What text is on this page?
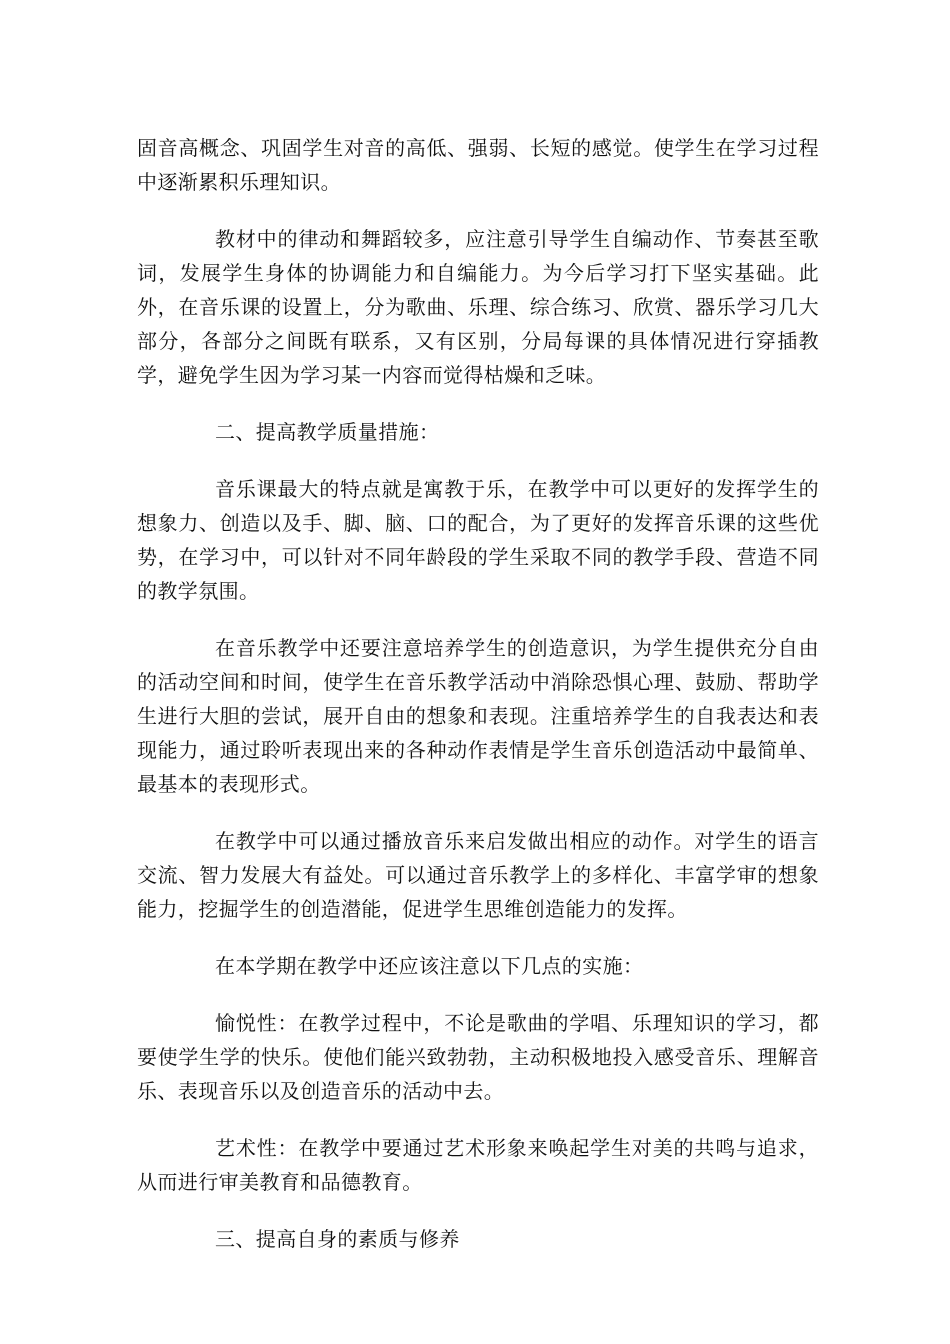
固音高概念、巩固学生对音的高低、强弱、长短的感觉。使学生在学习过程中逐渐累积乐理知识。

教材中的律动和舞蹈较多，应注意引导学生自编动作、节奏甚至歌词，发展学生身体的协调能力和自编能力。为今后学习打下坚实基础。此外，在音乐课的设置上，分为歌曲、乐理、综合练习、欣赏、器乐学习几大部分，各部分之间既有联系，又有区别，分局每课的具体情况进行穿插教学，避免学生因为学习某一内容而觉得枯燥和乏味。

二、提高教学质量措施：

音乐课最大的特点就是寓教于乐，在教学中可以更好的发挥学生的想象力、创造以及手、脚、脑、口的配合，为了更好的发挥音乐课的这些优势，在学习中，可以针对不同年龄段的学生采取不同的教学手段、营造不同的教学氛围。

在音乐教学中还要注意培养学生的创造意识，为学生提供充分自由的活动空间和时间，使学生在音乐教学活动中消除恐惧心理、鼓励、帮助学生进行大胆的尝试，展开自由的想象和表现。注重培养学生的自我表达和表现能力，通过聆听表现出来的各种动作表情是学生音乐创造活动中最简单、最基本的表现形式。

在教学中可以通过播放音乐来启发做出相应的动作。对学生的语言交流、智力发展大有益处。可以通过音乐教学上的多样化、丰富学审的想象能力，挖掘学生的创造潜能，促进学生思维创造能力的发挥。

在本学期在教学中还应该注意以下几点的实施：

愉悦性：在教学过程中，不论是歌曲的学唱、乐理知识的学习，都要使学生学的快乐。使他们能兴致勃勃，主动积极地投入感受音乐、理解音乐、表现音乐以及创造音乐的活动中去。

艺术性：在教学中要通过艺术形象来唤起学生对美的共鸣与追求，从而进行审美教育和品德教育。

三、提高自身的素质与修养
